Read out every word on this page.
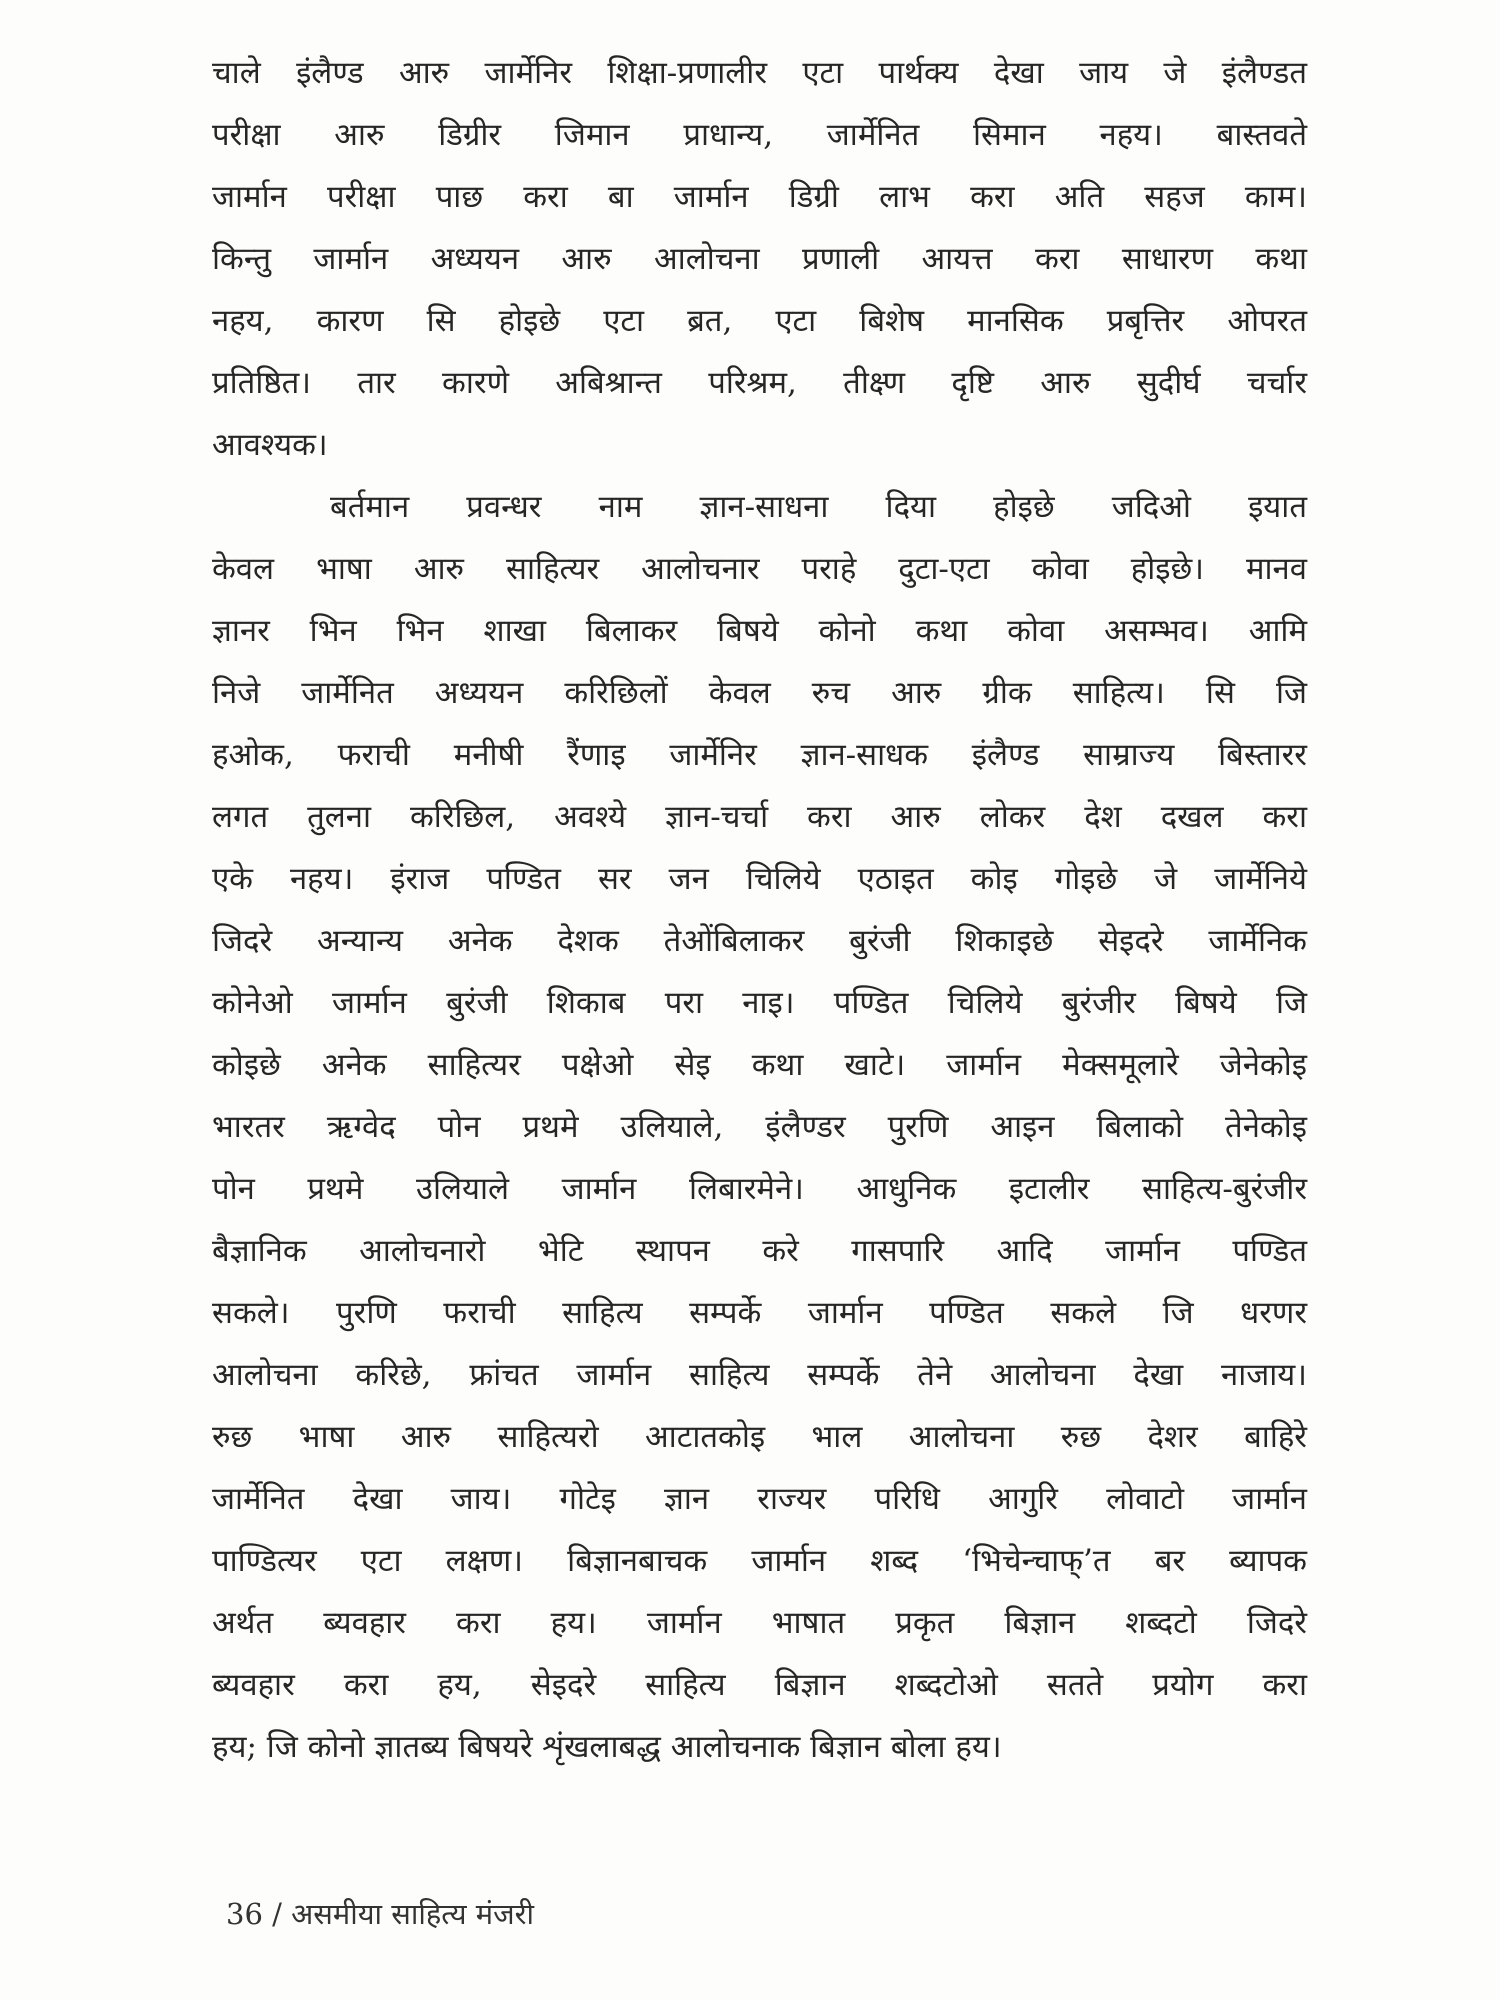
चाले इंलैण्ड आरु जार्मेनिर शिक्षा-प्रणालीर एटा पार्थक्य देखा जाय जे इंलैण्डत
परीक्षा आरु डिग्रीर जिमान प्राधान्य, जार्मेनित सिमान नहय। बास्तवते
जार्मान परीक्षा पाछ करा बा जार्मान डिग्री लाभ करा अति सहज काम।
किन्तु जार्मान अध्ययन आरु आलोचना प्रणाली आयत्त करा साधारण कथा
नहय, कारण सि होइछे एटा ब्रत, एटा बिशेष मानसिक प्रबृत्तिर ओपरत
प्रतिष्ठित। तार कारणे अबिश्रान्त परिश्रम, तीक्ष्ण दृष्टि आरु सुदीर्घ चर्चार
आवश्यक।
बर्तमान प्रवन्धर नाम ज्ञान-साधना दिया होइछे जदिओ इयात
केवल भाषा आरु साहित्यर आलोचनार पराहे दुटा-एटा कोवा होइछे। मानव
ज्ञानर भिन भिन शाखा बिलाकर बिषये कोनो कथा कोवा असम्भव। आमि
निजे जार्मेनित अध्ययन करिछिलों केवल रुच आरु ग्रीक साहित्य। सि जि
हओक, फराची मनीषी रैंणाइ जार्मेनिर ज्ञान-साधक इंलैण्ड साम्राज्य बिस्तारर
लगत तुलना करिछिल, अवश्ये ज्ञान-चर्चा करा आरु लोकर देश दखल करा
एके नहय। इंराज पण्डित सर जन चिलिये एठाइत कोइ गोइछे जे जार्मेनिये
जिदरे अन्यान्य अनेक देशक तेओंबिलाकर बुरंजी शिकाइछे सेइदरे जार्मेनिक
कोनेओ जार्मान बुरंजी शिकाब परा नाइ। पण्डित चिलिये बुरंजीर बिषये जि
कोइछे अनेक साहित्यर पक्षेओ सेइ कथा खाटे। जार्मान मेक्समूलारे जेनेकोइ
भारतर ऋग्वेद पोन प्रथमे उलियाले, इंलैण्डर पुरणि आइन बिलाको तेनेकोइ
पोन प्रथमे उलियाले जार्मान लिबारमेने। आधुनिक इटालीर साहित्य-बुरंजीर
बैज्ञानिक आलोचनारो भेटि स्थापन करे गासपारि आदि जार्मान पण्डित
सकले। पुरणि फराची साहित्य सम्पर्के जार्मान पण्डित सकले जि धरणर
आलोचना करिछे, फ्रांचत जार्मान साहित्य सम्पर्के तेने आलोचना देखा नाजाय।
रुछ भाषा आरु साहित्यरो आटातकोइ भाल आलोचना रुछ देशर बाहिरे
जार्मेनित देखा जाय। गोटेइ ज्ञान राज्यर परिधि आगुरि लोवाटो जार्मान
पाण्डित्यर एटा लक्षण। बिज्ञानबाचक जार्मान शब्द ‘भिचेन्चाफ्’त बर ब्यापक
अर्थत ब्यवहार करा हय। जार्मान भाषात प्रकृत बिज्ञान शब्दटो जिदरे
ब्यवहार करा हय, सेइदरे साहित्य बिज्ञान शब्दटोओ सतते प्रयोग करा
हय; जि कोनो ज्ञातब्य बिषयरे शृंखलाबद्ध आलोचनाक बिज्ञान बोला हय।
36 / असमीया साहित्य मंजरी
